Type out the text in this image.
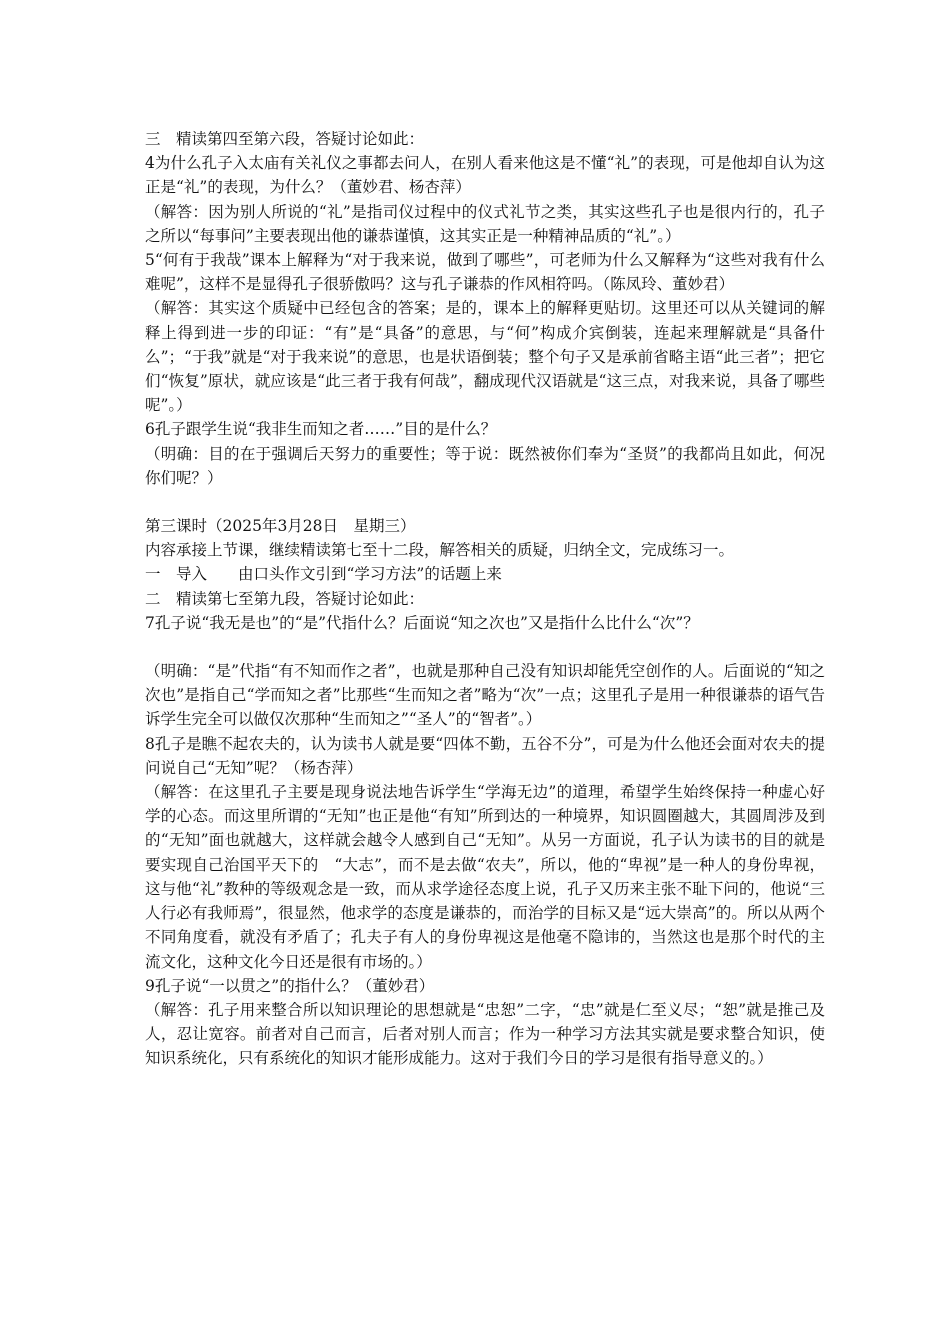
三　精读第四至第六段，答疑讨论如此：

4为什么孔子入太庙有关礼仪之事都去问人，在别人看来他这是不懂“礼”的表现，可是他却自认为这正是“礼”的表现，为什么？（董妙君、杨杏萍）

（解答：因为别人所说的“礼”是指司仪过程中的仪式礼节之类，其实这些孔子也是很内行的，孔子之所以“每事问”主要表现出他的谦恭谨慎，这其实正是一种精神品质的“礼”。）

5“何有于我哉”课本上解释为“对于我来说，做到了哪些”，可老师为什么又解释为“这些对我有什么难呢”，这样不是显得孔子很骄傲吗？这与孔子谦恭的作风相符吗。（陈凤玲、董妙君）

（解答：其实这个质疑中已经包含的答案；是的，课本上的解释更贴切。这里还可以从关键词的解释上得到进一步的印证：“有”是“具备”的意思，与“何”构成介宾倒装，连起来理解就是“具备什么”；“于我”就是“对于我来说”的意思，也是状语倒装；整个句子又是承前省略主语“此三者”；把它们“恢复”原状，就应该是“此三者于我有何哉”，翻成现代汉语就是“这三点，对我来说，具备了哪些呢”。）

6孔子跟学生说“我非生而知之者……”目的是什么？

（明确：目的在于强调后天努力的重要性；等于说：既然被你们奉为“圣贤”的我都尚且如此，何况你们呢？）

第三课时（2025年3月28日　星期三）

内容承接上节课，继续精读第七至十二段，解答相关的质疑，归纳全文，完成练习一。

一　导入　　由口头作文引到“学习方法”的话题上来

二　精读第七至第九段，答疑讨论如此：

7孔子说“我无是也”的“是”代指什么？后面说“知之次也”又是指什么比什么“次”？

（明确：“是”代指“有不知而作之者”，也就是那种自己没有知识却能凭空创作的人。后面说的“知之次也”是指自己“学而知之者”比那些“生而知之者”略为“次”一点；这里孔子是用一种很谦恭的语气告诉学生完全可以做仅次那种“生而知之”“圣人”的“智者”。）

8孔子是瞧不起农夫的，认为读书人就是要“四体不勤，五谷不分”，可是为什么他还会面对农夫的提问说自己“无知”呢？（杨杏萍）

（解答：在这里孔子主要是现身说法地告诉学生“学海无边”的道理，希望学生始终保持一种虚心好学的心态。而这里所谓的“无知”也正是他“有知”所到达的一种境界，知识圆圈越大，其圆周涉及到的“无知”面也就越大，这样就会越令人感到自己“无知”。从另一方面说，孔子认为读书的目的就是要实现自己治国平天下的　“大志”，而不是去做“农夫”，所以，他的“卑视”是一种人的身份卑视，这与他“礼”教种的等级观念是一致，而从求学途径态度上说，孔子又历来主张不耻下问的，他说“三人行必有我师焉”，很显然，他求学的态度是谦恭的，而治学的目标又是“远大崇高”的。所以从两个不同角度看，就没有矛盾了；孔夫子有人的身份卑视这是他毫不隐讳的，当然这也是那个时代的主流文化，这种文化今日还是很有市场的。）

9孔子说“一以贯之”的指什么？（董妙君）

（解答：孔子用来整合所以知识理论的思想就是“忠恕”二字，“忠”就是仁至义尽；“恕”就是推己及人，忍让宽容。前者对自己而言，后者对别人而言；作为一种学习方法其实就是要求整合知识，使知识系统化，只有系统化的知识才能形成能力。这对于我们今日的学习是很有指导意义的。）
